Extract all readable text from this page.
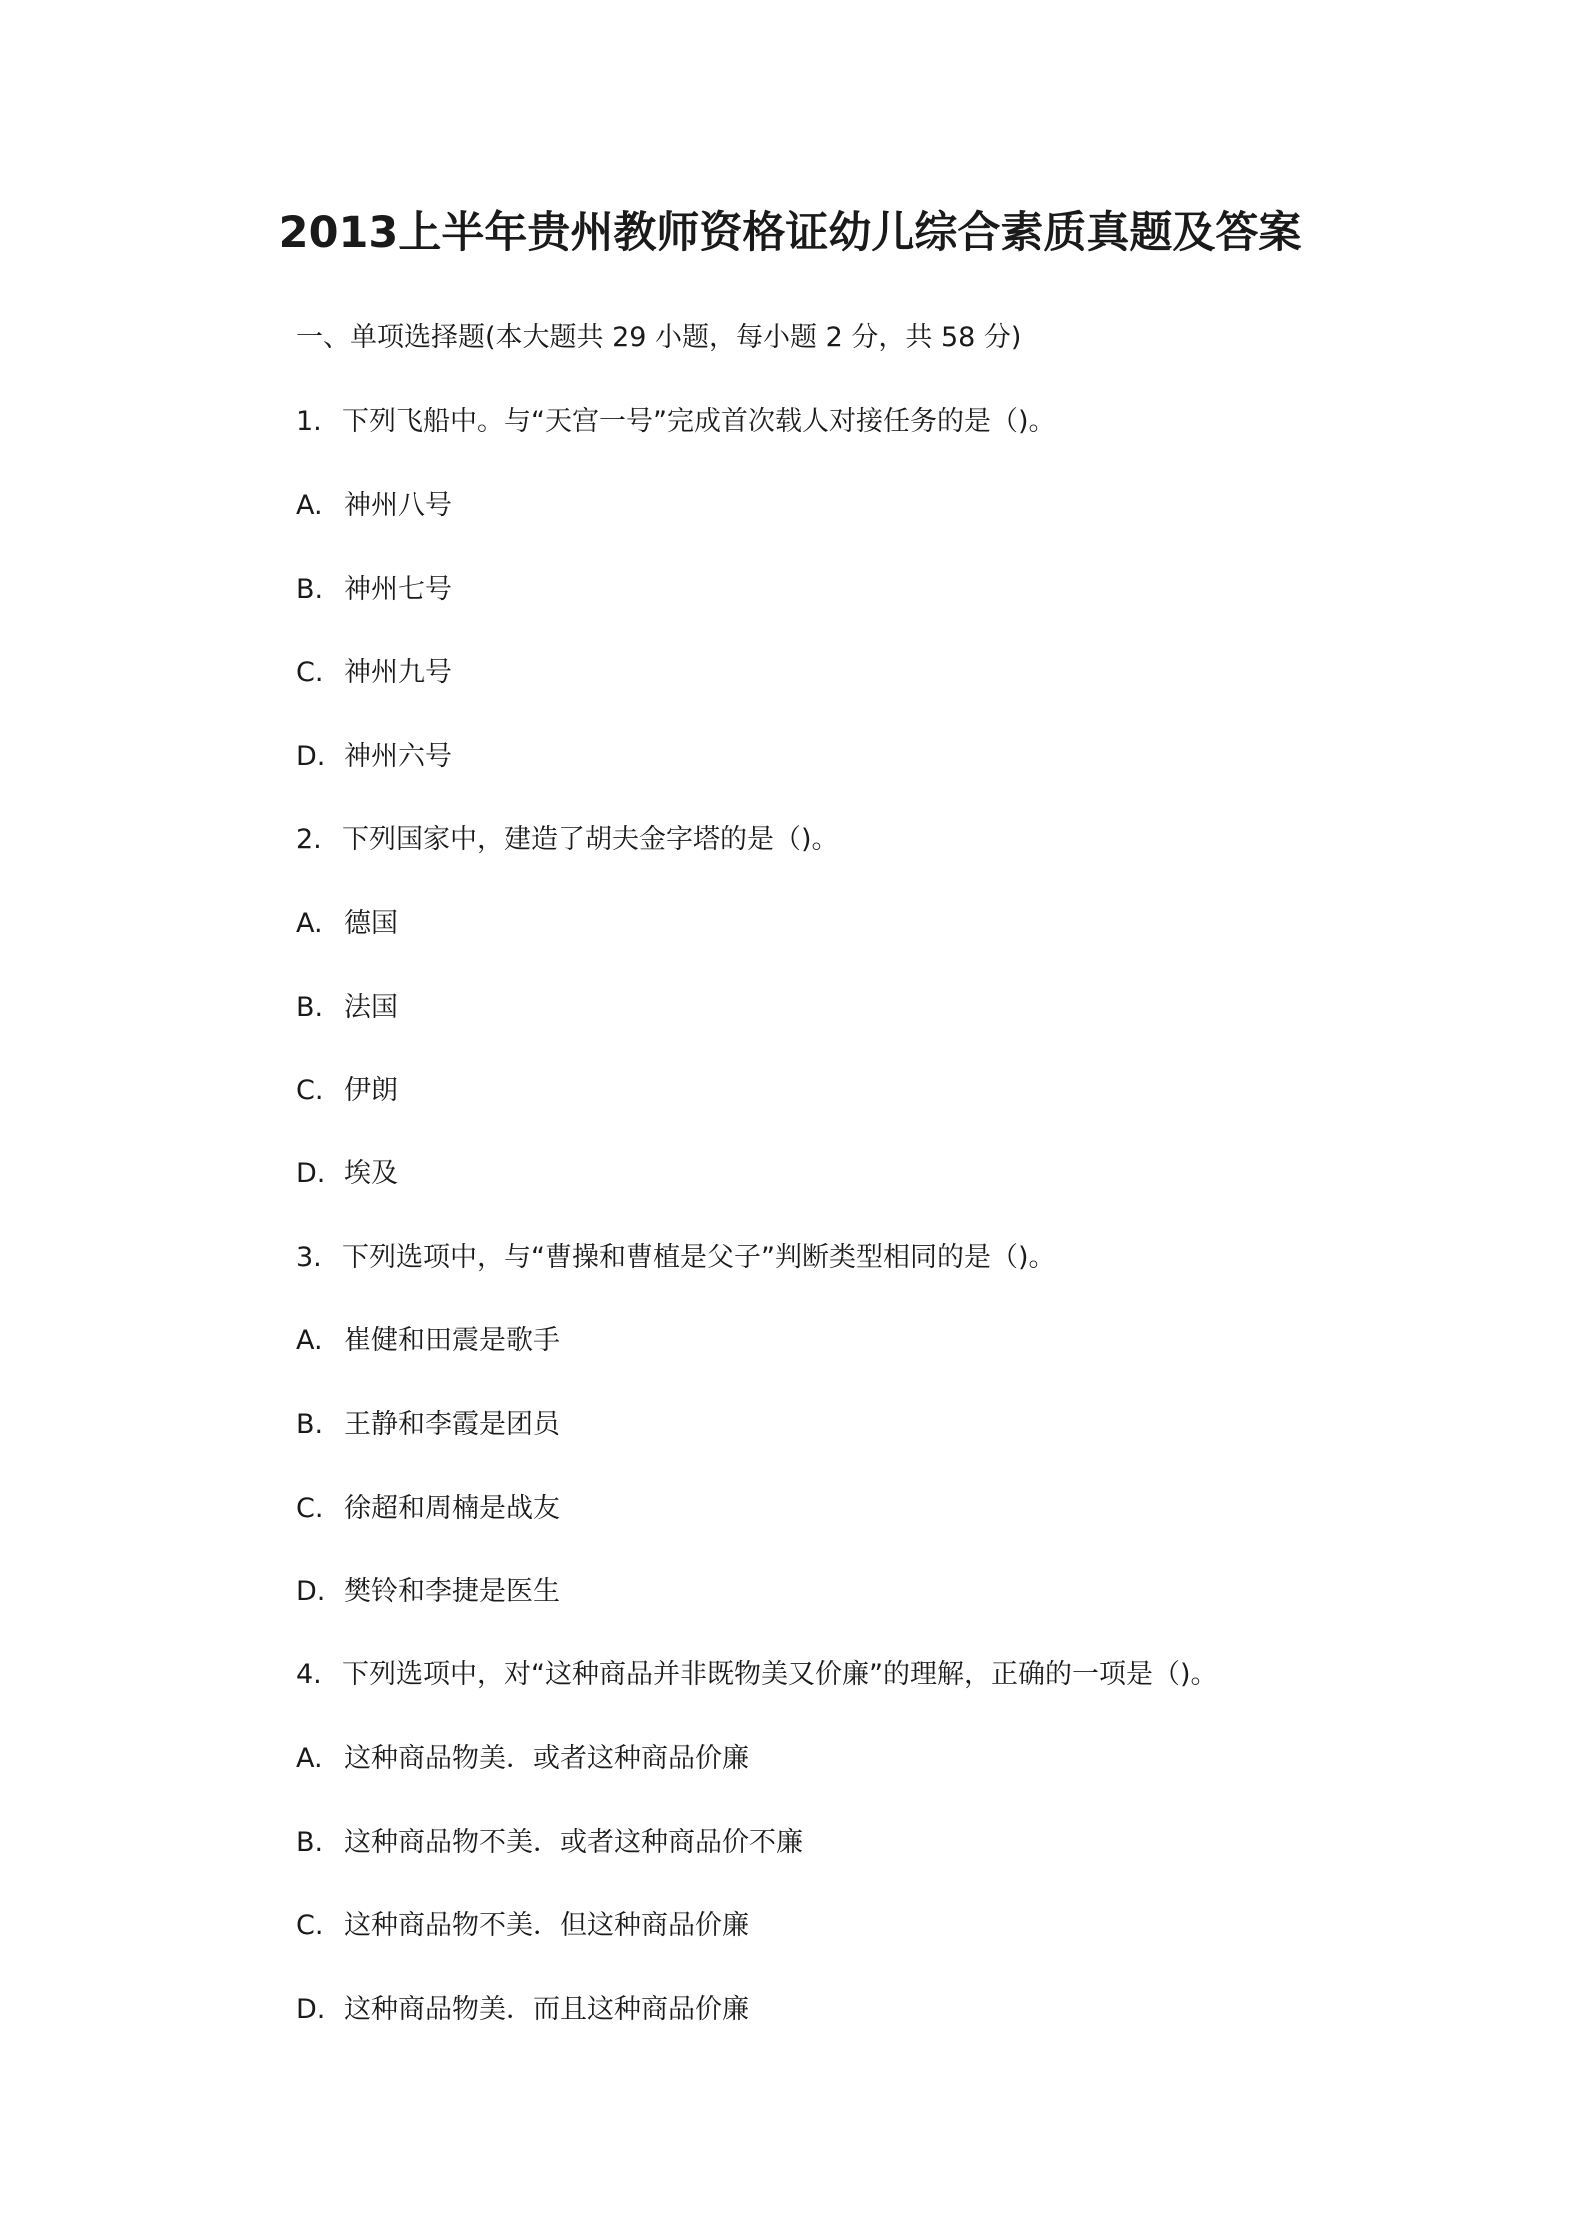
2013上半年贵州教师资格证幼儿综合素质真题及答案
一、单项选择题(本大题共 29 小题，每小题 2 分，共 58 分)
1. 下列飞船中。与“天宫一号”完成首次载人对接任务的是（)。
A. 神州八号
B. 神州七号
C. 神州九号
D. 神州六号
2. 下列国家中，建造了胡夫金字塔的是（)。
A. 德国
B. 法国
C. 伊朗
D. 埃及
3. 下列选项中，与“曹操和曹植是父子”判断类型相同的是（)。
A. 崔健和田震是歌手
B. 王静和李霞是团员
C. 徐超和周楠是战友
D. 樊铃和李捷是医生
4. 下列选项中，对“这种商品并非既物美又价廉”的理解，正确的一项是（)。
A. 这种商品物美．或者这种商品价廉
B. 这种商品物不美．或者这种商品价不廉
C. 这种商品物不美．但这种商品价廉
D. 这种商品物美．而且这种商品价廉
